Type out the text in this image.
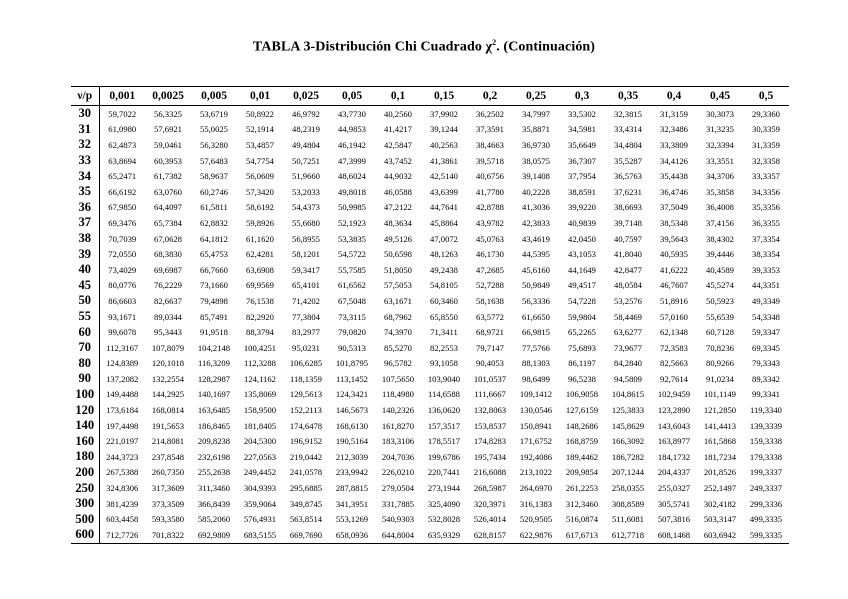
TABLA 3-Distribución Chi Cuadrado $\chi^2$. (Continuación)
ν/p	0,001	0,0025	0,005	0,01	0,025	0,05	0,1	0,15	0,2	0,25	0,3	0,35	0,4	0,45	0,5
30	59,7022	56,3325	53,6719	50,8922	46,9792	43,7730	40,2560	37,9902	36,2502	34,7997	33,5302	32,3815	31,3159	30,3073	29,3360
31	61,0980	57,6921	55,0025	52,1914	48,2319	44,9853	41,4217	39,1244	37,3591	35,8871	34,5981	33,4314	32,3486	31,3235	30,3359
32	62,4873	59,0461	56,3280	53,4857	49,4804	46,1942	42,5847	40,2563	38,4663	36,9730	35,6649	34,4804	33,3809	32,3394	31,3359
33	63,8694	60,3953	57,6483	54,7754	50,7251	47,3999	43,7452	41,3861	39,5718	38,0575	36,7307	35,5287	34,4126	33,3551	32,3358
34	65,2471	61,7382	58,9637	56,0609	51,9660	48,6024	44,9032	42,5140	40,6756	39,1408	37,7954	36,5763	35,4438	34,3706	33,3357
35	66,6192	63,0760	60,2746	57,3420	53,2033	49,8018	46,0588	43,6399	41,7780	40,2228	38,8591	37,6231	36,4746	35,3858	34,3356
36	67,9850	64,4097	61,5811	58,6192	54,4373	50,9985	47,2122	44,7641	42,8788	41,3036	39,9220	38,6693	37,5049	36,4008	35,3356
37	69,3476	65,7384	62,8832	59,8926	55,6680	52,1923	48,3634	45,8864	43,9782	42,3833	40,9839	39,7148	38,5348	37,4156	36,3355
38	70,7039	67,0628	64,1812	61,1620	56,8955	53,3835	49,5126	47,0072	45,0763	43,4619	42,0450	40,7597	39,5643	38,4302	37,3354
39	72,0550	68,3830	65,4753	62,4281	58,1201	54,5722	50,6598	48,1263	46,1730	44,5395	43,1053	41,8040	40,5935	39,4446	38,3354
40	73,4029	69,6987	66,7660	63,6908	59,3417	55,7585	51,8050	49,2438	47,2685	45,6160	44,1649	42,8477	41,6222	40,4589	39,3353
45	80,0776	76,2229	73,1660	69,9569	65,4101	61,6562	57,5053	54,8105	52,7288	50,9849	49,4517	48,0584	46,7607	45,5274	44,3351
50	86,6603	82,6637	79,4898	76,1538	71,4202	67,5048	63,1671	60,3460	58,1638	56,3336	54,7228	53,2576	51,8916	50,5923	49,3349
55	93,1671	89,0344	85,7491	82,2920	77,3804	73,3115	68,7962	65,8550	63,5772	61,6650	59,9804	58,4469	57,0160	55,6539	54,3348
60	99,6078	95,3443	91,9518	88,3794	83,2977	79,0820	74,3970	71,3411	68,9721	66,9815	65,2265	63,6277	62,1348	60,7128	59,3347
70	112,3167	107,8079	104,2148	100,4251	95,0231	90,5313	85,5270	82,2553	79,7147	77,5766	75,6893	73,9677	72,3583	70,8236	69,3345
80	124,8389	120,1018	116,3209	112,3288	106,6285	101,8795	96,5782	93,1058	90,4053	88,1303	86,1197	84,2840	82,5663	80,9266	79,3343
90	137,2082	132,2554	128,2987	124,1162	118,1359	113,1452	107,5650	103,9040	101,0537	98,6499	96,5238	94,5809	92,7614	91,0234	89,3342
100	149,4488	144,2925	140,1697	135,8069	129,5613	124,3421	118,4980	114,6588	111,6667	109,1412	106,9058	104,8615	102,9459	101,1149	99,3341
120	173,6184	168,0814	163,6485	158,9500	152,2113	146,5673	140,2326	136,0620	132,8063	130,0546	127,6159	125,3833	123,2890	121,2850	119,3340
140	197,4498	191,5653	186,8465	181,8405	174,6478	168,6130	161,8270	157,3517	153,8537	150,8941	148,2686	145,8629	143,6043	141,4413	139,3339
160	221,0197	214,8081	209,8238	204,5300	196,9152	190,5164	183,3106	178,5517	174,8283	171,6752	168,8759	166,3092	163,8977	161,5868	159,3338
180	244,3723	237,8548	232,6198	227,0563	219,0442	212,3039	204,7036	199,6786	195,7434	192,4086	189,4462	186,7282	184,1732	181,7234	179,3338
200	267,5388	260,7350	255,2638	249,4452	241,0578	233,9942	226,0210	220,7441	216,6088	213,1022	209,9854	207,1244	204,4337	201,8526	199,3337
250	324,8306	317,3609	311,3460	304,9393	295,6885	287,8815	279,0504	273,1944	268,5987	264,6970	261,2253	258,0355	255,0327	252,1497	249,3337
300	381,4239	373,3509	366,8439	359,9064	349,8745	341,3951	331,7885	325,4090	320,3971	316,1383	312,3460	308,8589	305,5741	302,4182	299,3336
500	603,4458	593,3580	585,2060	576,4931	563,8514	553,1269	540,9303	532,8028	526,4014	520,9505	516,0874	511,6081	507,3816	503,3147	499,3335
600	712,7726	701,8322	692,9809	683,5155	669,7690	658,0936	644,8004	635,9329	628,8157	622,9876	617,6713	612,7718	608,1468	603,6942	599,3335
